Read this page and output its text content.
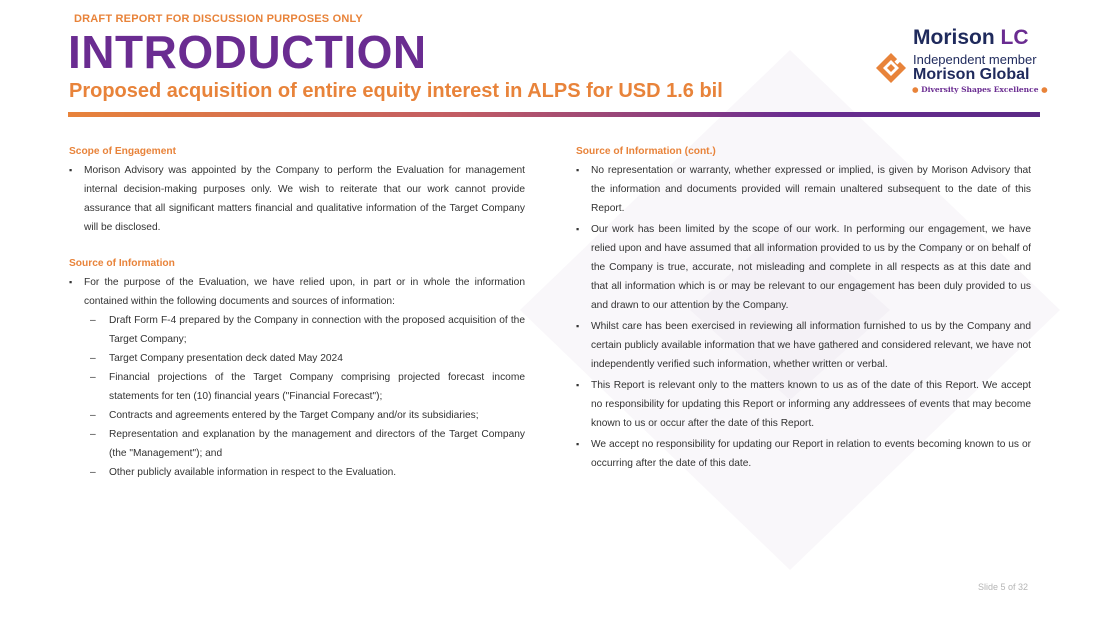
DRAFT REPORT FOR DISCUSSION PURPOSES ONLY
INTRODUCTION
Proposed acquisition of entire equity interest in ALPS for USD 1.6 bil
Morison LC
Independent member
Morison Global
● Diversity Shapes Excellence ●
Scope of Engagement
▪ Morison Advisory was appointed by the Company to perform the Evaluation for management internal decision-making purposes only. We wish to reiterate that our work cannot provide assurance that all significant matters financial and qualitative information of the Target Company will be disclosed.
Source of Information
▪ For the purpose of the Evaluation, we have relied upon, in part or in whole the information contained within the following documents and sources of information:
– Draft Form F-4 prepared by the Company in connection with the proposed acquisition of the Target Company;
– Target Company presentation deck dated May 2024
– Financial projections of the Target Company comprising projected forecast income statements for ten (10) financial years ("Financial Forecast");
– Contracts and agreements entered by the Target Company and/or its subsidiaries;
– Representation and explanation by the management and directors of the Target Company (the "Management"); and
– Other publicly available information in respect to the Evaluation.
Source of Information (cont.)
▪ No representation or warranty, whether expressed or implied, is given by Morison Advisory that the information and documents provided will remain unaltered subsequent to the date of this Report.
▪ Our work has been limited by the scope of our work. In performing our engagement, we have relied upon and have assumed that all information provided to us by the Company or on behalf of the Company is true, accurate, not misleading and complete in all respects as at this date and that all information which is or may be relevant to our engagement has been duly provided to us and drawn to our attention by the Company.
▪ Whilst care has been exercised in reviewing all information furnished to us by the Company and certain publicly available information that we have gathered and considered relevant, we have not independently verified such information, whether written or verbal.
▪ This Report is relevant only to the matters known to us as of the date of this Report. We accept no responsibility for updating this Report or informing any addressees of events that may become known to us or occur after the date of this Report.
▪ We accept no responsibility for updating our Report in relation to events becoming known to us or occurring after the date of this date.
Slide 5 of 32
